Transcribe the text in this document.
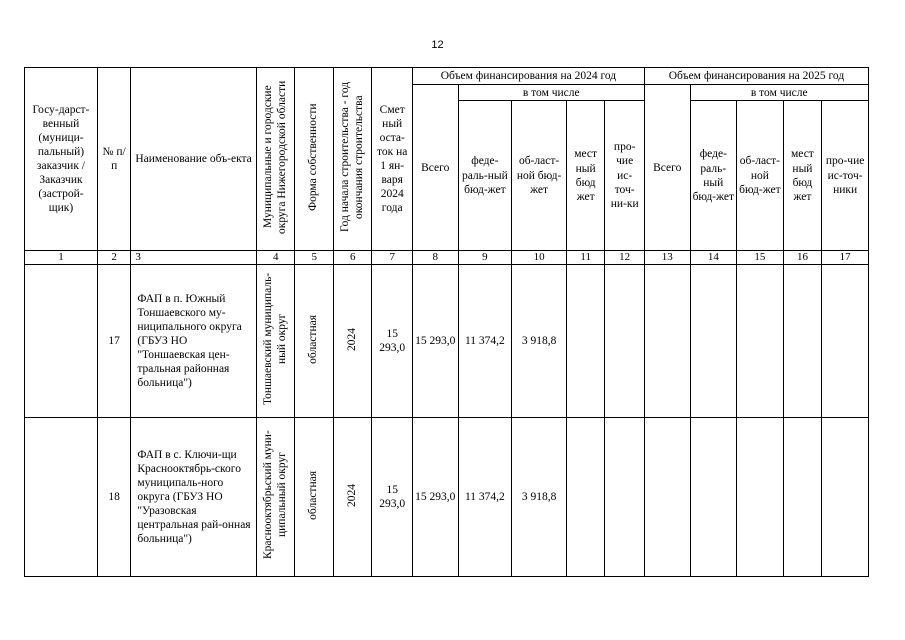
12
Госу-дарст-венный (муници-пальный) заказчик / Заказчик (застрой-щик)	№ п/п	Наименование объ-екта	Муниципальные и городские округа Нижегородской области	Форма собственности	Год начала строительства - год окончания строительства	Смет ный оста-ток на 1 ян-варя 2024 года	Объем финансирования на 2024 год					Объем финансирования на 2025 год				
							Всего	в том числе				Всего	в том числе			
								феде-раль-ный бюд-жет	об-ласт-ной бюд-жет	мест ный бюд жет	про-чие ис-точ-ни-ки		феде-раль-ный бюд-жет	об-ласт-ной бюд-жет	мест ный бюд жет	про-чие ис-точ-ники
1	2	3	4	5	6	7	8	9	10	11	12	13	14	15	16	17
	17	ФАП в п. Южный Тоншаевского му-ниципального округа (ГБУЗ НО "Тоншаевская цен-тральная районная больница")	Тоншаевский муниципаль-ный округ	областная	2024	15 293,0	15 293,0	11 374,2	3 918,8							
	18	ФАП в с. Ключи-щи Краснооктябрь-ского муниципаль-ного округа (ГБУЗ НО "Уразовская центральная рай-онная больница")	Краснооктябрьский муни-ципальный округ	областная	2024	15 293,0	15 293,0	11 374,2	3 918,8							
